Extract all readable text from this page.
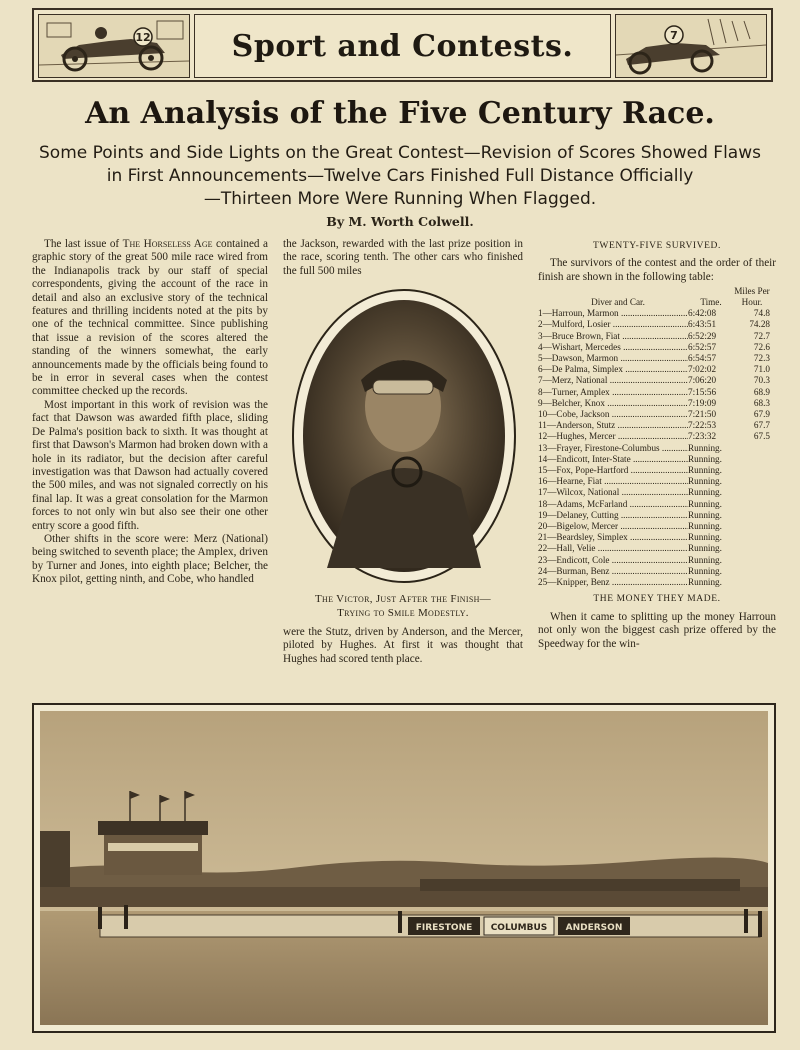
12	Sport and Contests.	7
An Analysis of the Five Century Race.
Some Points and Side Lights on the Great Contest—Revision of Scores Showed Flaws
in First Announcements—Twelve Cars Finished Full Distance Officially
—Thirteen More Were Running When Flagged.
By M. Worth Colwell.

The last issue of The Horseless Age contained a graphic story of the great 500 mile race wired from the Indianapolis track by our staff of special correspondents, giving the account of the race in detail and also an exclusive story of the technical features and thrilling incidents noted at the pits by one of the technical committee. Since publishing that issue a revision of the scores altered the standing of the winners somewhat, the early announcements made by the officials being found to be in error in several cases when the contest committee checked up the records.

Most important in this work of revision was the fact that Dawson was awarded fifth place, sliding De Palma's position back to sixth. It was thought at first that Dawson's Marmon had broken down with a hole in its radiator, but the decision after careful investigation was that Dawson had actually covered the 500 miles, and was not signaled correctly on his final lap. It was a great consolation for the Marmon forces to not only win but also see their one other entry score a good fifth.

Other shifts in the score were: Merz (National) being switched to seventh place; the Amplex, driven by Turner and Jones, into eighth place; Belcher, the Knox pilot, getting ninth, and Cobe, who handled

the Jackson, rewarded with the last prize position in the race, scoring tenth. The other cars who finished the full 500 miles

The Victor, Just After the Finish—
Trying to Smile Modestly.

were the Stutz, driven by Anderson, and the Mercer, piloted by Hughes. At first it was thought that Hughes had scored tenth place.

TWENTY-FIVE SURVIVED.

The survivors of the contest and the order of their finish are shown in the following table:

Diver and Car.	Time.
Miles Per Hour.
1—Harroun, Marmon .....	6:42:08	74.8
2—Mulford, Losier .....	6:43:51	74.28
3—Bruce Brown, Fiat .....	6:52:29	72.7
4—Wishart, Mercedes .....	6:52:57	72.6
5—Dawson, Marmon .....	6:54:57	72.3
6—De Palma, Simplex .....	7:02:02	71.0
7—Merz, National .....	7:06:20	70.3
8—Turner, Amplex .....	7:15:56	68.9
9—Belcher, Knox .....	7:19:09	68.3
10—Cobe, Jackson .....	7:21:50	67.9
11—Anderson, Stutz .....	7:22:53	67.7
12—Hughes, Mercer .....	7:23:32	67.5
13—Frayer, Firestone-Columbus .....	Running.
14—Endicott, Inter-State .....	Running.
15—Fox, Pope-Hartford .....	Running.
16—Hearne, Fiat .....	Running.
17—Wilcox, National .....	Running.
18—Adams, McFarland .....	Running.
19—Delaney, Cutting .....	Running.
20—Bigelow, Mercer .....	Running.
21—Beardsley, Simplex .....	Running.
22—Hall, Velie .....	Running.
23—Endicott, Cole .....	Running.
24—Burman, Benz .....	Running.
25—Knipper, Benz .....	Running.
THE MONEY THEY MADE.

When it came to splitting up the money Harroun not only won the biggest cash prize offered by the Speedway for the win-

FIRESTONE COLUMBUS ANDERSON
